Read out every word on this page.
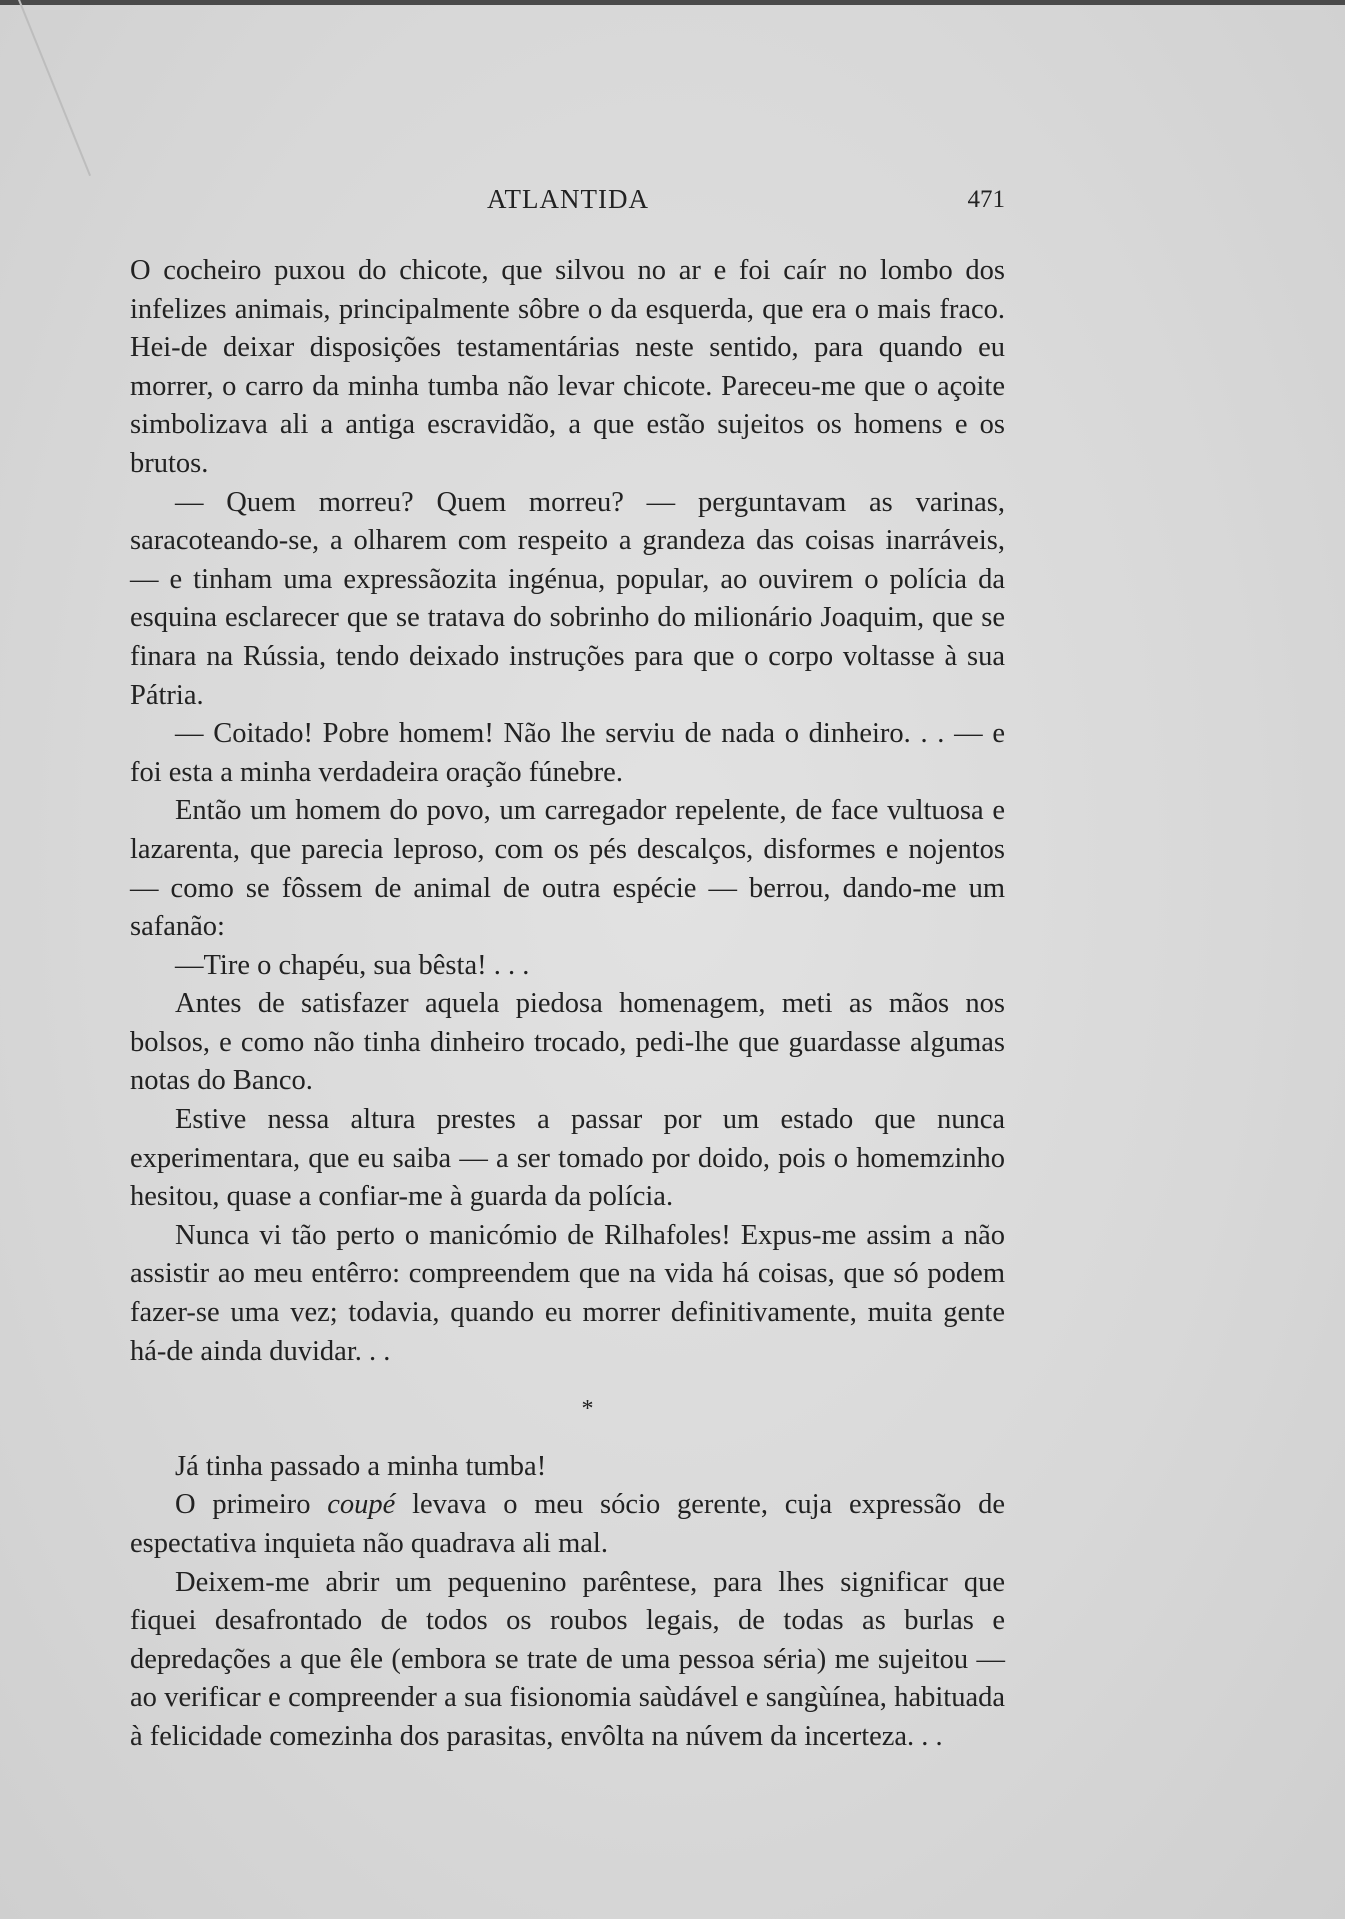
ATLANTIDA	471

O cocheiro puxou do chicote, que silvou no ar e foi caír no lombo dos infelizes animais, principalmente sôbre o da esquerda, que era o mais fraco. Hei-de deixar disposições testamentárias neste sentido, para quando eu morrer, o carro da minha tumba não levar chicote. Pareceu-me que o açoite simbolizava ali a antiga escravidão, a que estão sujeitos os homens e os brutos.

— Quem morreu? Quem morreu? — perguntavam as varinas, saracoteando-se, a olharem com respeito a grandeza das coisas inarráveis, — e tinham uma expressãozita ingénua, popular, ao ouvirem o polícia da esquina esclarecer que se tratava do sobrinho do milionário Joaquim, que se finara na Rússia, tendo deixado instruções para que o corpo voltasse à sua Pátria.

— Coitado! Pobre homem! Não lhe serviu de nada o dinheiro. . . — e foi esta a minha verdadeira oração fúnebre.

Então um homem do povo, um carregador repelente, de face vultuosa e lazarenta, que parecia leproso, com os pés descalços, disformes e nojentos — como se fôssem de animal de outra espécie — berrou, dando-me um safanão:

—Tire o chapéu, sua bêsta! . . .

Antes de satisfazer aquela piedosa homenagem, meti as mãos nos bolsos, e como não tinha dinheiro trocado, pedi-lhe que guardasse algumas notas do Banco.

Estive nessa altura prestes a passar por um estado que nunca experimentara, que eu saiba — a ser tomado por doido, pois o homemzinho hesitou, quase a confiar-me à guarda da polícia.

Nunca vi tão perto o manicómio de Rilhafoles! Expus-me assim a não assistir ao meu entêrro: compreendem que na vida há coisas, que só podem fazer-se uma vez; todavia, quando eu morrer definitivamente, muita gente há-de ainda duvidar. . .

*

Já tinha passado a minha tumba!

O primeiro coupé levava o meu sócio gerente, cuja expressão de espectativa inquieta não quadrava ali mal.

Deixem-me abrir um pequenino parêntese, para lhes significar que fiquei desafrontado de todos os roubos legais, de todas as burlas e depredações a que êle (embora se trate de uma pessoa séria) me sujeitou — ao verificar e compreender a sua fisionomia saùdável e sangùínea, habituada à felicidade comezinha dos parasitas, envôlta na núvem da incerteza. . .
